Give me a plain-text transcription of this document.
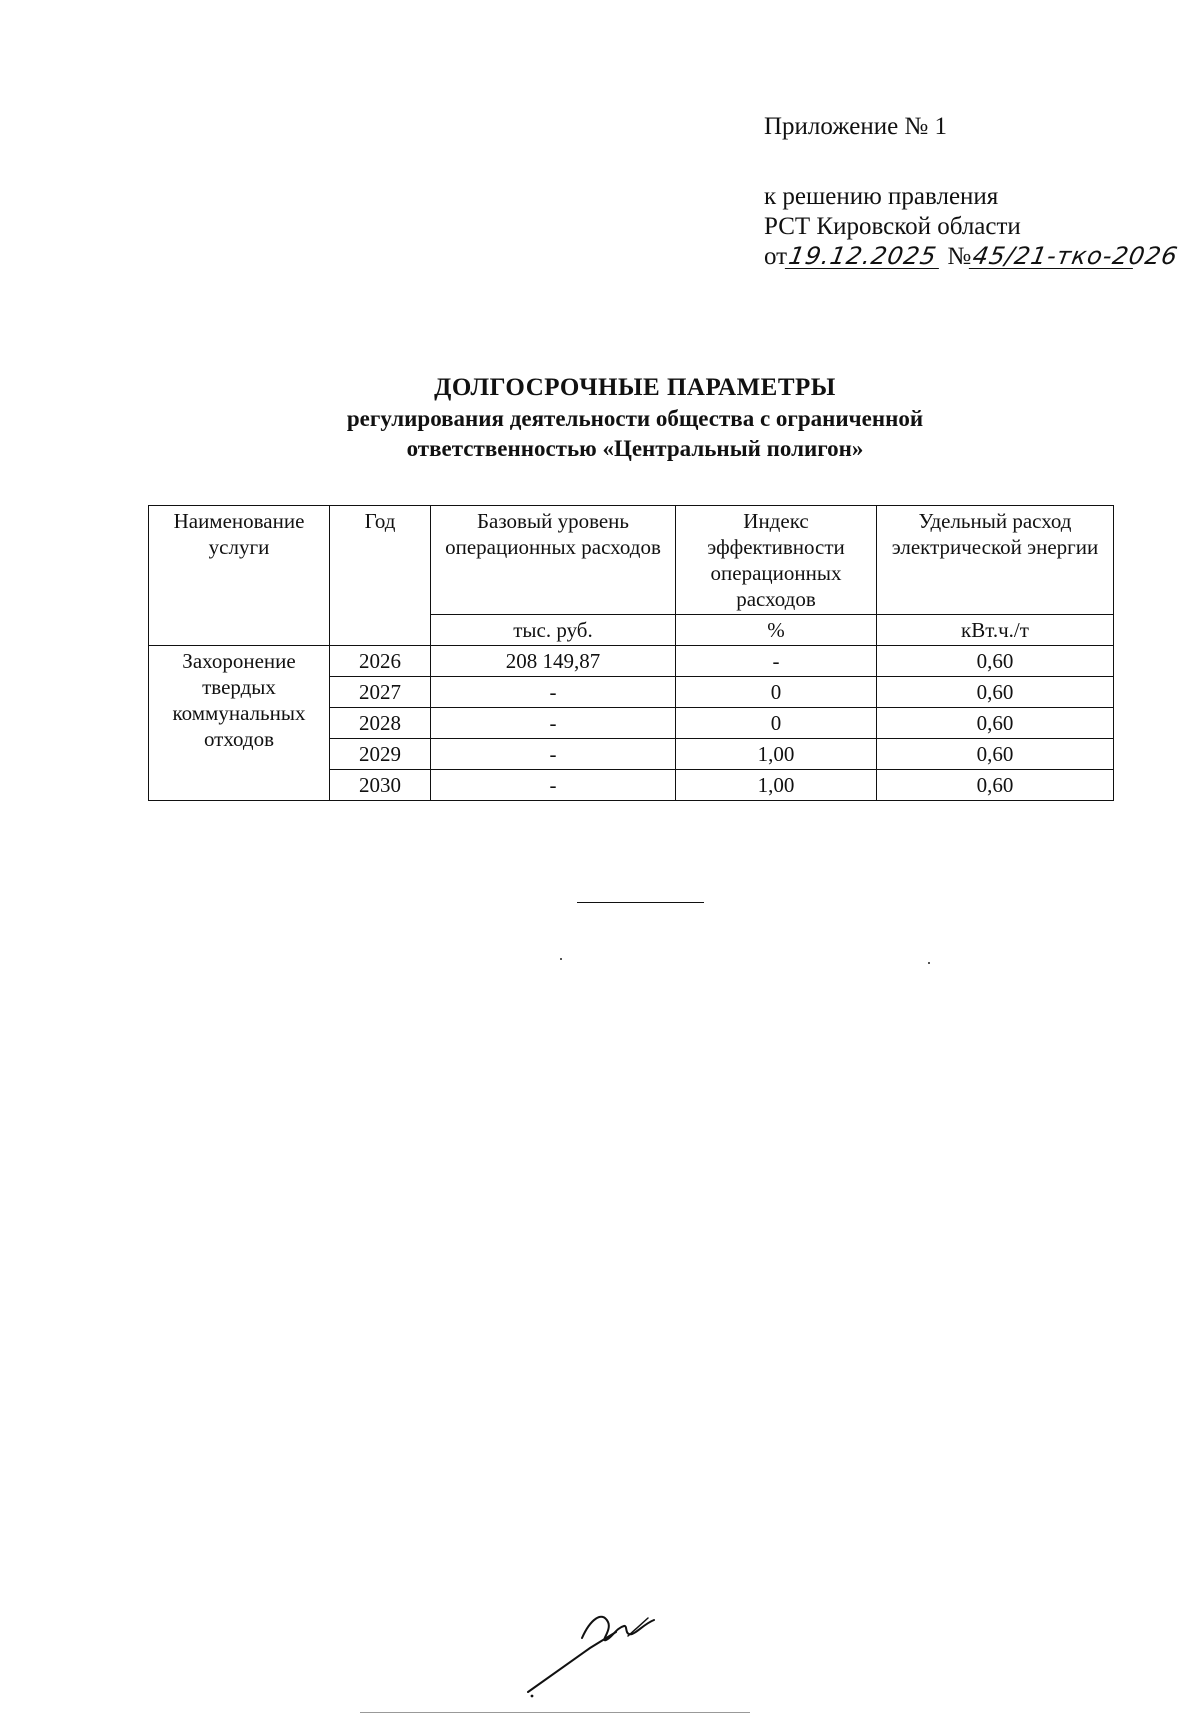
Приложение № 1
к решению правления
РСТ Кировской области
от19.12.2025 №45/21-тко-2026
ДОЛГОСРОЧНЫЕ ПАРАМЕТРЫ
регулирования деятельности общества с ограниченной
ответственностью «Центральный полигон»
Наименование услуги	Год	Базовый уровень операционных расходов	Индекс эффективности операционных расходов	Удельный расход электрической энергии
		тыс. руб.	%	кВт.ч./т
Захоронение твердых коммунальных отходов	2026	208 149,87	-	0,60
	2027	-	0	0,60
	2028	-	0	0,60
	2029	-	1,00	0,60
	2030	-	1,00	0,60
